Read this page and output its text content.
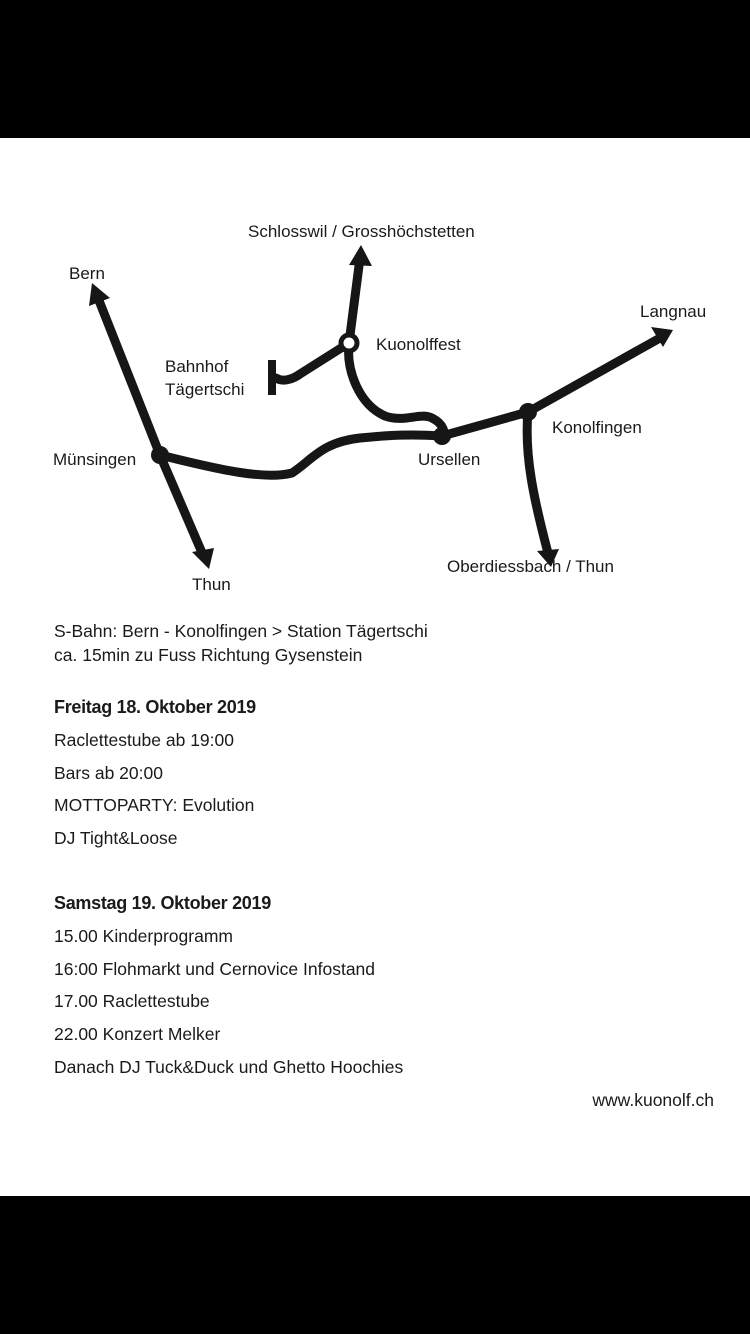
Bern
Schlosswil / Grosshöchstetten
Langnau
Kuonolffest
Bahnhof
Tägertschi
Konolfingen
Münsingen	Ursellen
Thun
Oberdiessbach / Thun
S-Bahn: Bern - Konolfingen > Station Tägertschi
ca. 15min zu Fuss Richtung Gysenstein
Freitag 18. Oktober 2019
Raclettestube ab 19:00
Bars ab 20:00
MOTTOPARTY: Evolution
DJ Tight&Loose
Samstag 19. Oktober 2019
15.00 Kinderprogramm
16:00 Flohmarkt und Cernovice Infostand
17.00 Raclettestube
22.00 Konzert Melker
Danach DJ Tuck&Duck und Ghetto Hoochies
www.kuonolf.ch
